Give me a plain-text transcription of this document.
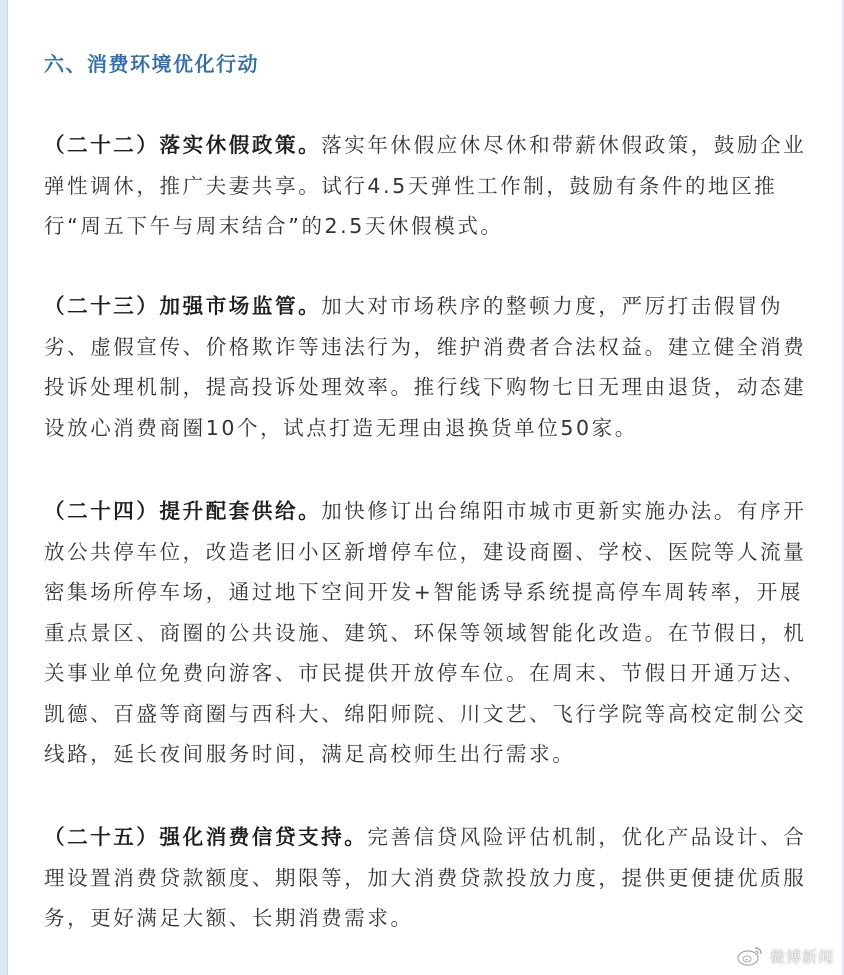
六、消费环境优化行动

（二十二）落实休假政策。落实年休假应休尽休和带薪休假政策，鼓励企业弹性调休，推广夫妻共享。试行4.5天弹性工作制，鼓励有条件的地区推行“周五下午与周末结合”的2.5天休假模式。

（二十三）加强市场监管。加大对市场秩序的整顿力度，严厉打击假冒伪劣、虚假宣传、价格欺诈等违法行为，维护消费者合法权益。建立健全消费投诉处理机制，提高投诉处理效率。推行线下购物七日无理由退货，动态建设放心消费商圈10个，试点打造无理由退换货单位50家。

（二十四）提升配套供给。加快修订出台绵阳市城市更新实施办法。有序开放公共停车位，改造老旧小区新增停车位，建设商圈、学校、医院等人流量密集场所停车场，通过地下空间开发+智能诱导系统提高停车周转率，开展重点景区、商圈的公共设施、建筑、环保等领域智能化改造。在节假日，机关事业单位免费向游客、市民提供开放停车位。在周末、节假日开通万达、凯德、百盛等商圈与西科大、绵阳师院、川文艺、飞行学院等高校定制公交线路，延长夜间服务时间，满足高校师生出行需求。

（二十五）强化消费信贷支持。完善信贷风险评估机制，优化产品设计、合理设置消费贷款额度、期限等，加大消费贷款投放力度，提供更便捷优质服务，更好满足大额、长期消费需求。

微博新闻
